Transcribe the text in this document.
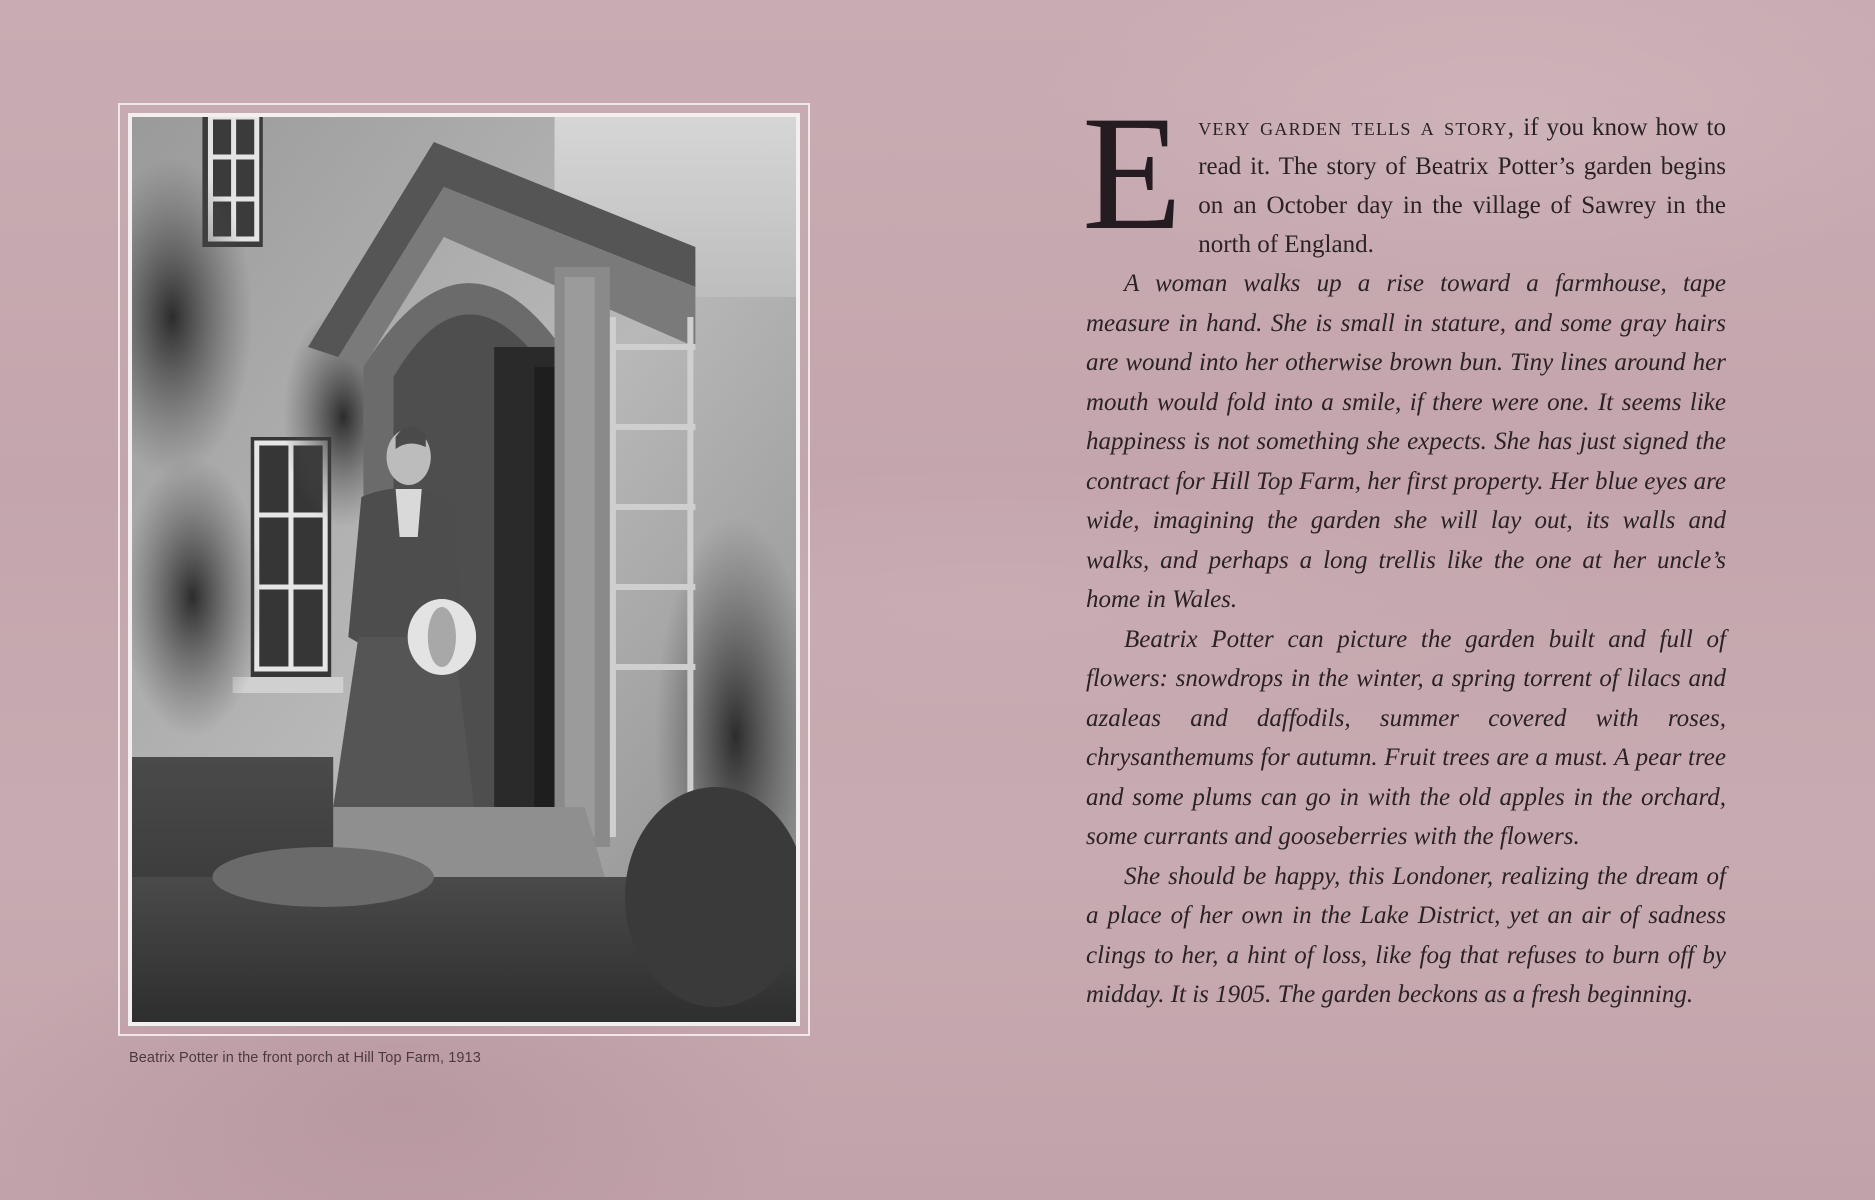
Beatrix Potter in the front porch at Hill Top Farm, 1913
E very garden tells a story, if you know how to read it. The story of Beatrix Potter’s garden begins on an October day in the village of Sawrey in the north of England.

A woman walks up a rise toward a farmhouse, tape measure in hand. She is small in stature, and some gray hairs are wound into her otherwise brown bun. Tiny lines around her mouth would fold into a smile, if there were one. It seems like happiness is not something she expects. She has just signed the contract for Hill Top Farm, her first property. Her blue eyes are wide, imagining the garden she will lay out, its walls and walks, and perhaps a long trellis like the one at her uncle’s home in Wales.

Beatrix Potter can picture the garden built and full of flowers: snowdrops in the winter, a spring torrent of lilacs and azaleas and daffodils, summer covered with roses, chrysanthemums for autumn. Fruit trees are a must. A pear tree and some plums can go in with the old apples in the orchard, some currants and gooseberries with the flowers.

She should be happy, this Londoner, realizing the dream of a place of her own in the Lake District, yet an air of sadness clings to her, a hint of loss, like fog that refuses to burn off by midday. It is 1905. The garden beckons as a fresh beginning.
